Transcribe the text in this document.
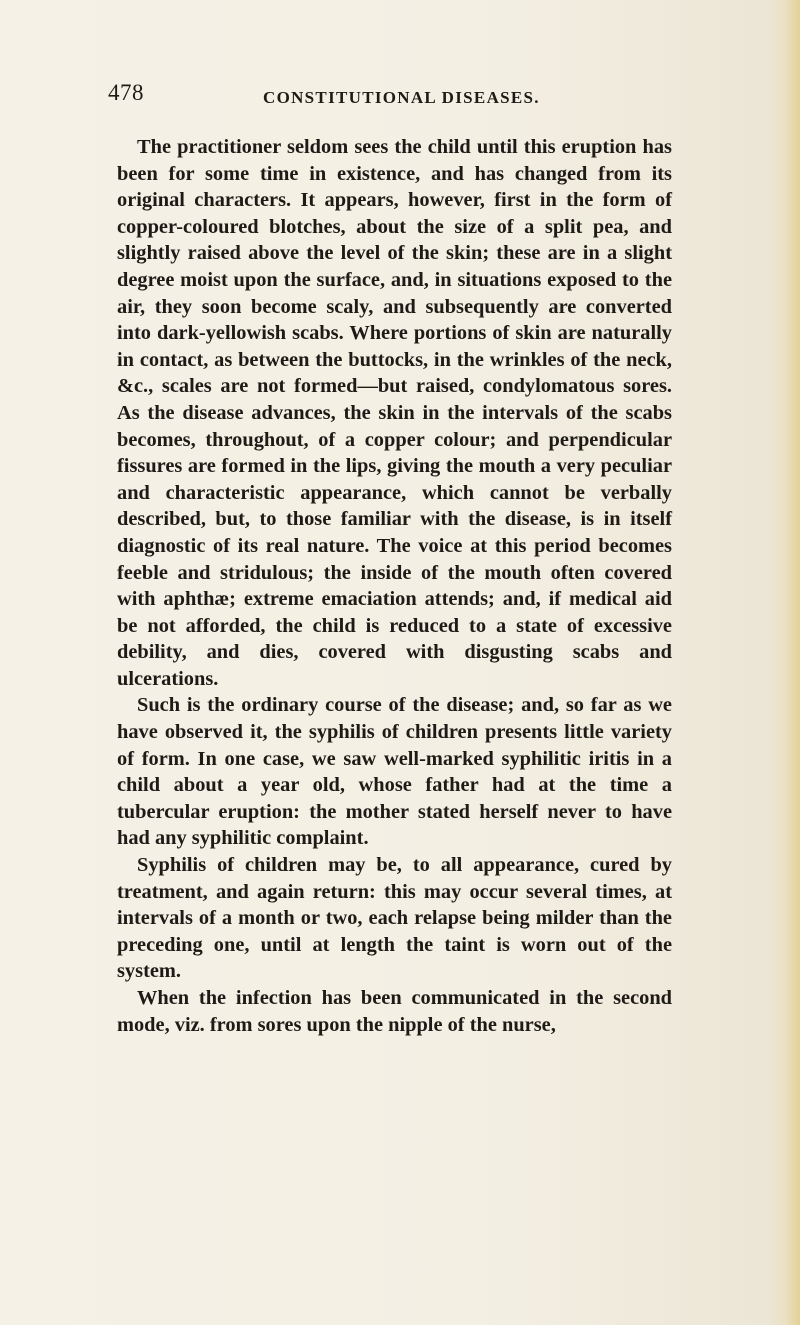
478	CONSTITUTIONAL DISEASES.

The practitioner seldom sees the child until this eruption has been for some time in existence, and has changed from its original characters. It appears, however, first in the form of copper-coloured blotches, about the size of a split pea, and slightly raised above the level of the skin; these are in a slight degree moist upon the surface, and, in situations exposed to the air, they soon become scaly, and subsequently are converted into dark-yellowish scabs. Where portions of skin are naturally in contact, as between the buttocks, in the wrinkles of the neck, &c., scales are not formed—but raised, condylomatous sores. As the disease advances, the skin in the intervals of the scabs becomes, throughout, of a copper colour; and perpendicular fissures are formed in the lips, giving the mouth a very peculiar and characteristic appearance, which cannot be verbally described, but, to those familiar with the disease, is in itself diagnostic of its real nature. The voice at this period becomes feeble and stridulous; the inside of the mouth often covered with aphthæ; extreme emaciation attends; and, if medical aid be not afforded, the child is reduced to a state of excessive debility, and dies, covered with disgusting scabs and ulcerations.

Such is the ordinary course of the disease; and, so far as we have observed it, the syphilis of children presents little variety of form. In one case, we saw well-marked syphilitic iritis in a child about a year old, whose father had at the time a tubercular eruption: the mother stated herself never to have had any syphilitic complaint.

Syphilis of children may be, to all appearance, cured by treatment, and again return: this may occur several times, at intervals of a month or two, each relapse being milder than the preceding one, until at length the taint is worn out of the system.

When the infection has been communicated in the second mode, viz. from sores upon the nipple of the nurse,
